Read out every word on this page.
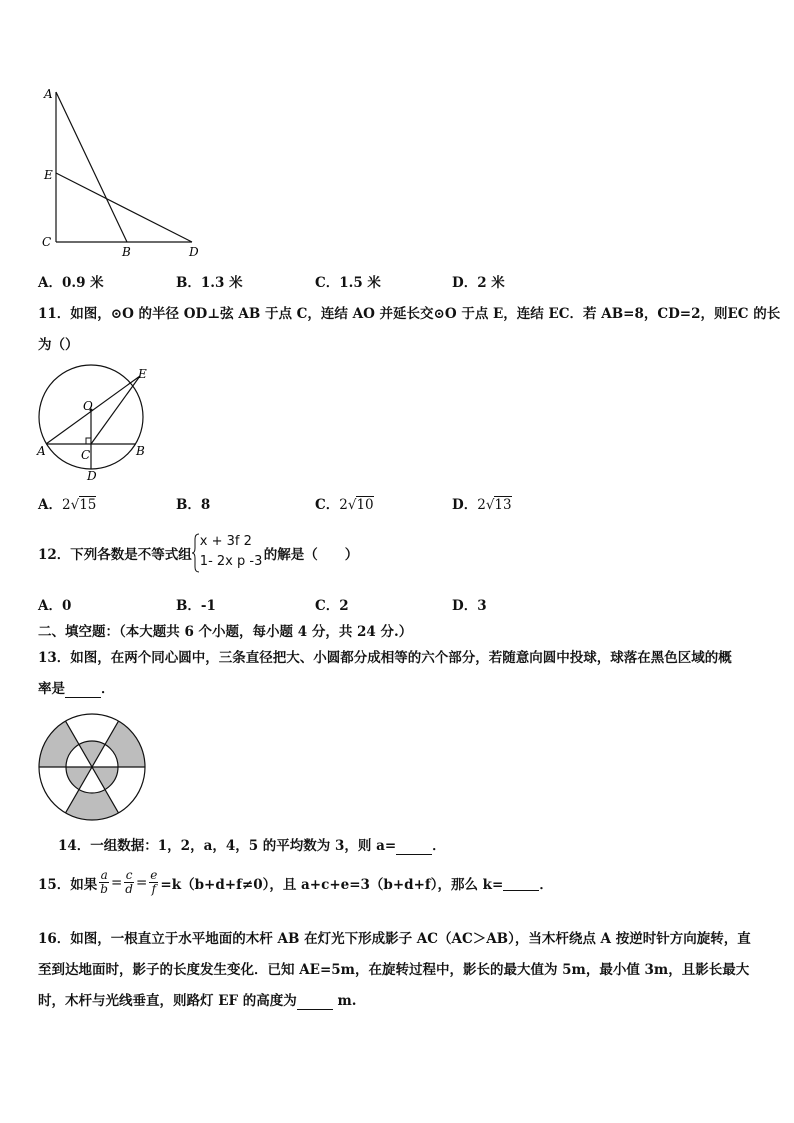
A
E
C
B	D
A．0.9 米	B．1.3 米	C．1.5 米	D．2 米
11．如图，⊙O 的半径 OD⊥弦 AB 于点 C，连结 AO 并延长交⊙O 于点 E，连结 EC．若 AB=8，CD=2，则EC 的长
为（）
E
O
A	C	B
D
A．2√15	B．8	C．2√10	D．2√13
12．下列各数是不等式组
x + 3f 2
1- 2x p -3 的解是（　　）
A．0	B．-1	C．2	D．3
二、填空题：（本大题共 6 个小题，每小题 4 分，共 24 分.）
13．如图，在两个同心圆中，三条直径把大、小圆都分成相等的六个部分，若随意向圆中投球，球落在黑色区域的概
率是	．
14．一组数据：1，2，a，4，5 的平均数为 3，则 a=	．
15．如果 $\frac{a}{b} = \frac{c}{d} = \frac{e}{f} =k(b+d+f\ne 0)$，且 a+c+e=3（b+d+f），那么 k=
	．
16．如图，一根直立于水平地面的木杆 AB 在灯光下形成影子 AC（AC＞AB），当木杆绕点 A 按逆时针方向旋转，直
至到达地面时，影子的长度发生变化．已知 AE=5m，在旋转过程中，影长的最大值为 5m，最小值 3m，且影长最大
时，木杆与光线垂直，则路灯 EF 的高度为	m.
